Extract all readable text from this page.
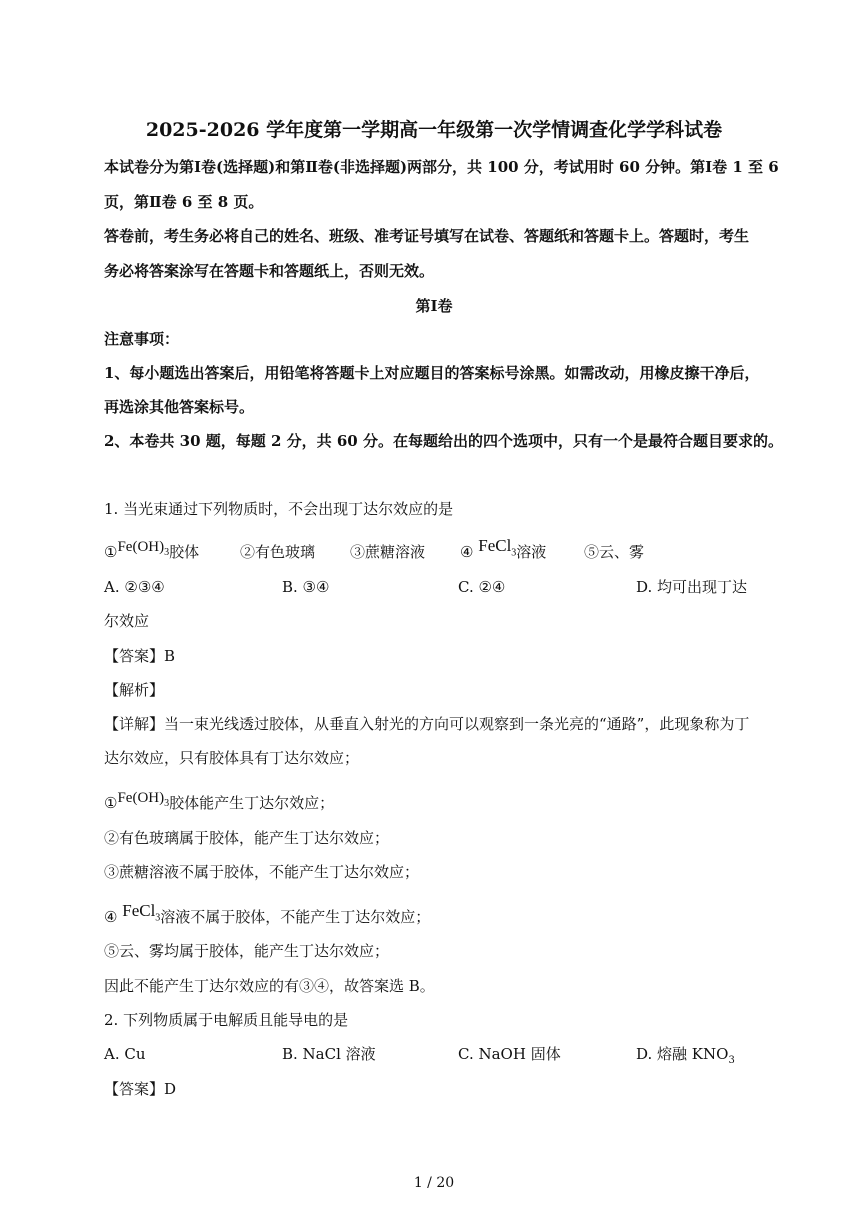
2025-2026 学年度第一学期高一年级第一次学情调查化学学科试卷
本试卷分为第Ⅰ卷(选择题)和第Ⅱ卷(非选择题)两部分，共 100 分，考试用时 60 分钟。第Ⅰ卷 1 至 6
页，第Ⅱ卷 6 至 8 页。
答卷前，考生务必将自己的姓名、班级、准考证号填写在试卷、答题纸和答题卡上。答题时，考生
务必将答案涂写在答题卡和答题纸上，否则无效。
第Ⅰ卷
注意事项：
1、每小题选出答案后，用铅笔将答题卡上对应题目的答案标号涂黑。如需改动，用橡皮擦干净后，
再选涂其他答案标号。
2、本卷共 30 题，每题 2 分，共 60 分。在每题给出的四个选项中，只有一个是最符合题目要求的。
1. 当光束通过下列物质时，不会出现丁达尔效应的是
$①Fe(OH)_3$胶体	②有色玻璃 ③蔗糖溶液 ④ FeCl$_3$溶液	⑤云、雾
A. ②③④	B. ③④	C. ②④	D. 均可出现丁达
尔效应
【答案】B
【解析】
【详解】当一束光线透过胶体，从垂直入射光的方向可以观察到一条光亮的“通路”，此现象称为丁
达尔效应，只有胶体具有丁达尔效应；
$①Fe(OH)_3$胶体能产生丁达尔效应；
②有色玻璃属于胶体，能产生丁达尔效应；
③蔗糖溶液不属于胶体，不能产生丁达尔效应；
④ FeCl$_3$溶液不属于胶体，不能产生丁达尔效应；
⑤云、雾均属于胶体，能产生丁达尔效应；
因此不能产生丁达尔效应的有③④，故答案选 B。
2. 下列物质属于电解质且能导电的是
A. Cu	B. NaCl 溶液	C. NaOH 固体	D. 熔融 $KNO_3$
【答案】D
1 / 20
